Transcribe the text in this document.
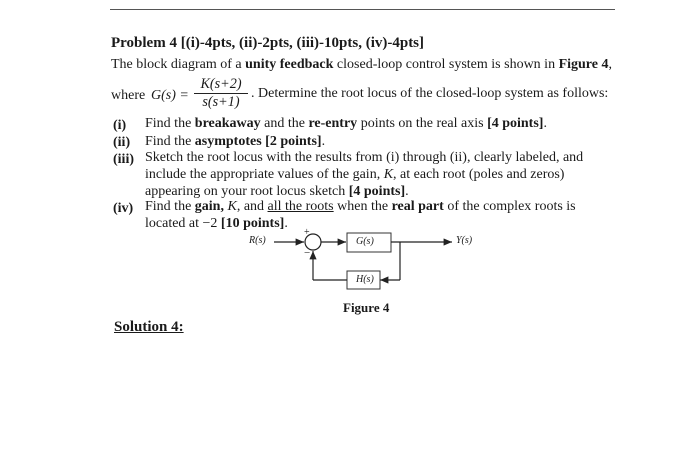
Problem 4 [(i)-4pts, (ii)-2pts, (iii)-10pts, (iv)-4pts]
The block diagram of a unity feedback closed-loop control system is shown in Figure 4,
where $G(s) = \frac{K(s+2)}{s(s+1)}$ . Determine the root locus of the closed-loop system as follows:
(i) Find the breakaway and the re-entry points on the real axis [4 points].
(ii) Find the asymptotes [2 points].
(iii) Sketch the root locus with the results from (i) through (ii), clearly labeled, and
include the appropriate values of the gain, K, at each root (poles and zeros)
appearing on your root locus sketch [4 points].
(iv) Find the gain, K, and all the roots when the real part of the complex roots is
located at −2 [10 points].
R(s)
+
−
G(s)
H(s)
Y(s)
Figure 4
Solution 4:
